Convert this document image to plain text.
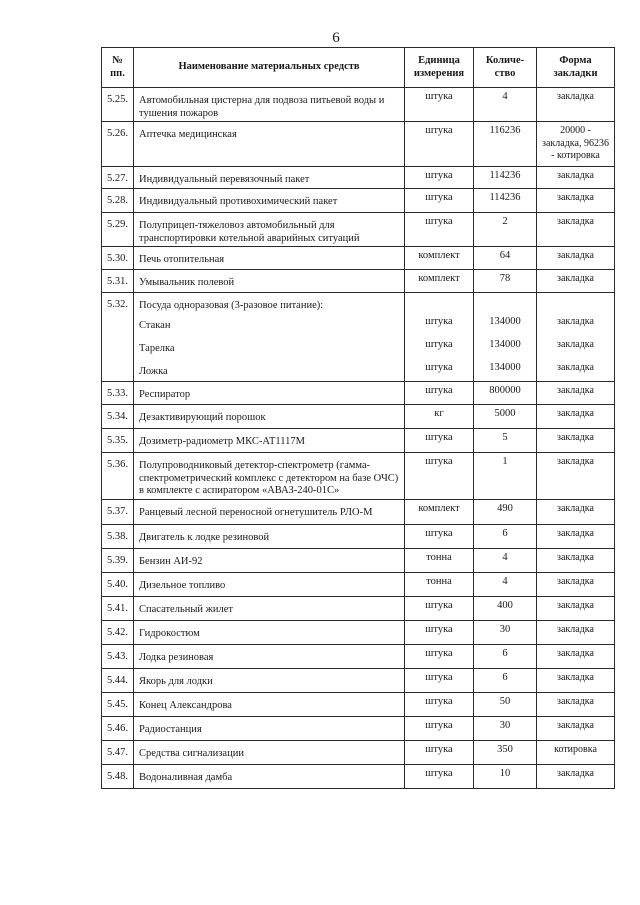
6
№ пп.	Наименование материальных средств	Единица измерения	Количе- ство	Форма закладки
5.25.	Автомобильная цистерна для подвоза питьевой воды и тушения пожаров	штука	4	закладка
5.26.	Аптечка медицинская	штука	116236	20000 - закладка, 96236 - котировка
5.27.	Индивидуальный перевязочный пакет	штука	114236	закладка
5.28.	Индивидуальный противохимический пакет	штука	114236	закладка
5.29.	Полуприцеп-тяжеловоз автомобильный для транспортировки котельной аварийных ситуаций	штука	2	закладка
5.30.	Печь отопительная	комплект	64	закладка
5.31.	Умывальник полевой	комплект	78	закладка
5.32.	Посуда одноразовая (3-разовое питание):			
	Стакан	штука	134000	закладка
	Тарелка	штука	134000	закладка
	Ложка	штука	134000	закладка
5.33.	Респиратор	штука	800000	закладка
5.34.	Дезактивирующий порошок	кг	5000	закладка
5.35.	Дозиметр-радиометр МКС-АТ1117М	штука	5	закладка
5.36.	Полупроводниковый детектор-спектрометр (гамма-спектрометрический комплекс с детектором на базе ОЧС) в комплекте с аспиратором «АВАЗ-240-01С»	штука	1	закладка
5.37.	Ранцевый лесной переносной огнетушитель РЛО-М	комплект	490	закладка
5.38.	Двигатель к лодке резиновой	штука	6	закладка
5.39.	Бензин АИ-92	тонна	4	закладка
5.40.	Дизельное топливо	тонна	4	закладка
5.41.	Спасательный жилет	штука	400	закладка
5.42.	Гидрокостюм	штука	30	закладка
5.43.	Лодка резиновая	штука	6	закладка
5.44.	Якорь для лодки	штука	6	закладка
5.45.	Конец Александрова	штука	50	закладка
5.46.	Радиостанция	штука	30	закладка
5.47.	Средства сигнализации	штука	350	котировка
5.48.	Водоналивная дамба	штука	10	закладка
